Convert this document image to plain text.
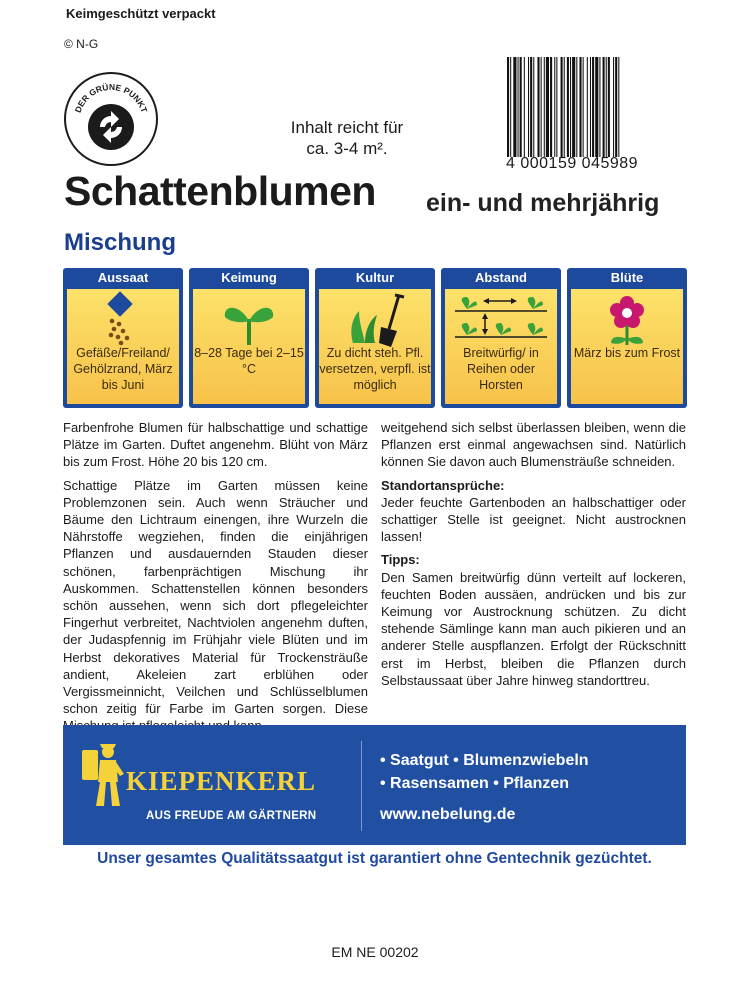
Keimgeschützt verpackt
© N-G
DER GRÜNE PUNKT
Inhalt reicht für
ca. 3-4 m².
4 000159 045989
Schattenblumen ein- und mehrjährig
Mischung
Aussaat
Gefäße/Freiland/ Gehölzrand, März bis Juni
Keimung
8–28 Tage bei 2–15 °C
Kultur
Zu dicht steh. Pfl. versetzen, verpfl. ist möglich
Abstand
Breitwürfig/ in Reihen oder Horsten
Blüte
März bis zum Frost

Farbenfrohe Blumen für halbschattige und schattige Plätze im Garten. Duftet angenehm. Blüht von März bis zum Frost. Höhe 20 bis 120 cm.

Schattige Plätze im Garten müssen keine Problemzonen sein. Auch wenn Sträucher und Bäume den Lichtraum einengen, ihre Wurzeln die Nährstoffe wegziehen, finden die einjährigen Pflanzen und ausdauernden Stauden dieser schönen, farbenprächtigen Mischung ihr Auskommen. Schattenstellen können besonders schön aussehen, wenn sich dort pflegeleichter Fingerhut verbreitet, Nachtviolen angenehm duften, der Judaspfennig im Frühjahr viele Blüten und im Herbst dekoratives Material für Trockensträuße andient, Akeleien zart erblühen oder Vergissmeinnicht, Veilchen und Schlüsselblumen schon zeitig für Farbe im Garten sorgen. Diese

weitgehend sich selbst überlassen bleiben, wenn die Pflanzen erst einmal angewachsen sind. Natürlich können Sie davon auch Blumensträuße schneiden.

Standortansprüche:

Jeder feuchte Gartenboden an halbschattiger oder schattiger Stelle ist geeignet. Nicht austrocknen lassen!

Tipps:

Den Samen breitwürfig dünn verteilt auf lockeren, feuchten Boden aussäen, andrücken und bis zur Keimung vor Austrocknung schützen. Zu dicht stehende Sämlinge kann man auch pikieren und an anderer Stelle auspflanzen. Erfolgt der Rückschnitt erst im Herbst, bleiben die Pflanzen durch Selbstaussaat über Jahre hinweg standorttreu.

KIEPENKERL
AUS FREUDE AM GÄRTNERN
• Saatgut • Blumenzwiebeln
• Rasensamen • Pflanzen
www.nebelung.de
Unser gesamtes Qualitätssaatgut ist garantiert ohne Gentechnik gezüchtet.
EM NE 00202
